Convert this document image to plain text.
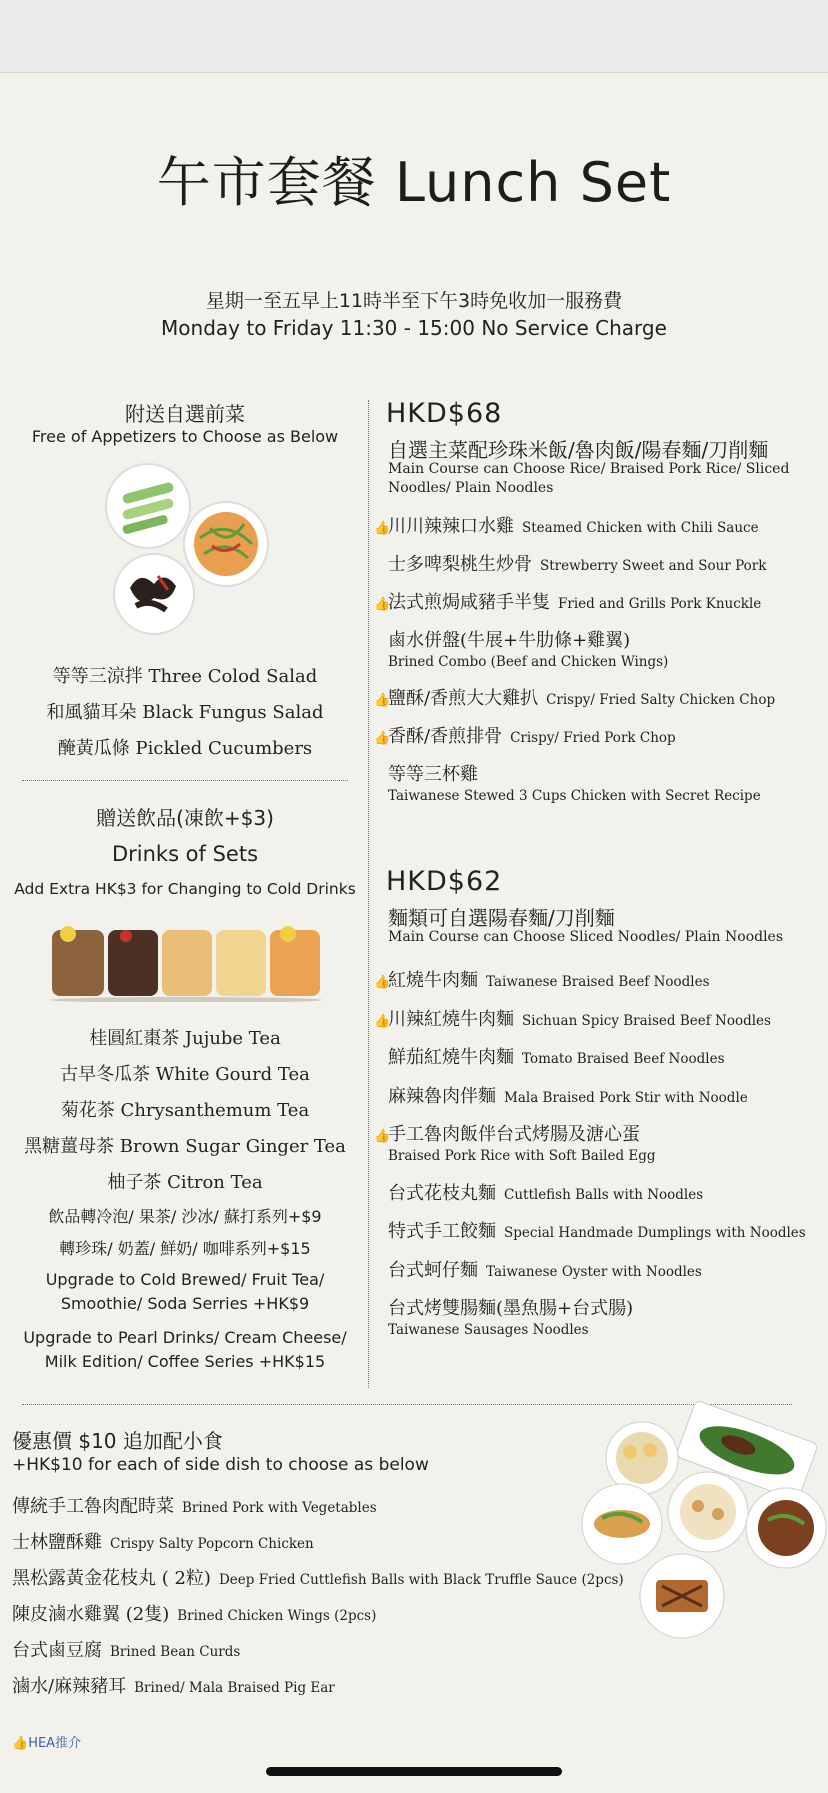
午市套餐 Lunch Set
星期一至五早上11時半至下午3時免收加一服務費
Monday to Friday 11:30 - 15:00 No Service Charge
附送自選前菜
Free of Appetizers to Choose as Below
等等三涼拌 Three Colod Salad
和風貓耳朵 Black Fungus Salad
醃黃瓜條 Pickled Cucumbers
贈送飲品(凍飲+$3)
Drinks of Sets
Add Extra HK$3 for Changing to Cold Drinks
桂圓紅棗茶 Jujube Tea
古早冬瓜茶 White Gourd Tea
菊花茶 Chrysanthemum Tea
黑糖薑母茶 Brown Sugar Ginger Tea
柚子茶 Citron Tea
飲品轉冷泡/ 果茶/ 沙冰/ 蘇打系列+$9
轉珍珠/ 奶蓋/ 鮮奶/ 咖啡系列+$15
Upgrade to Cold Brewed/ Fruit Tea/ Smoothie/ Soda Serries +HK$9
Upgrade to Pearl Drinks/ Cream Cheese/ Milk Edition/ Coffee Series +HK$15
HKD$68
自選主菜配珍珠米飯/魯肉飯/陽春麵/刀削麵
Main Course can Choose Rice/ Braised Pork Rice/ Sliced Noodles/ Plain Noodles
👍川川辣辣口水雞 Steamed Chicken with Chili Sauce
士多啤梨桃生炒骨 Strewberry Sweet and Sour Pork
👍法式煎焗咸豬手半隻 Fried and Grills Pork Knuckle
鹵水併盤(牛展+牛肋條+雞翼)
Brined Combo (Beef and Chicken Wings)
👍鹽酥/香煎大大雞扒 Crispy/ Fried Salty Chicken Chop
👍香酥/香煎排骨 Crispy/ Fried Pork Chop
等等三杯雞
Taiwanese Stewed 3 Cups Chicken with Secret Recipe
HKD$62
麵類可自選陽春麵/刀削麵
Main Course can Choose Sliced Noodles/ Plain Noodles
👍紅燒牛肉麵 Taiwanese Braised Beef Noodles
👍川辣紅燒牛肉麵 Sichuan Spicy Braised Beef Noodles
鮮茄紅燒牛肉麵 Tomato Braised Beef Noodles
麻辣魯肉伴麵 Mala Braised Pork Stir with Noodle
👍手工魯肉飯伴台式烤腸及溏心蛋
Braised Pork Rice with Soft Bailed Egg
台式花枝丸麵 Cuttlefish Balls with Noodles
特式手工餃麵 Special Handmade Dumplings with Noodles
台式蚵仔麵 Taiwanese Oyster with Noodles
台式烤雙腸麵(墨魚腸+台式腸)
Taiwanese Sausages Noodles
優惠價 $10 追加配小食
+HK$10 for each of side dish to choose as below
傳統手工魯肉配時菜 Brined Pork with Vegetables
士林鹽酥雞 Crispy Salty Popcorn Chicken
黑松露黃金花枝丸 ( 2粒) Deep Fried Cuttlefish Balls with Black Truffle Sauce (2pcs)
陳皮滷水雞翼 (2隻) Brined Chicken Wings (2pcs)
台式鹵豆腐 Brined Bean Curds
滷水/麻辣豬耳 Brined/ Mala Braised Pig Ear
👍HEA推介
